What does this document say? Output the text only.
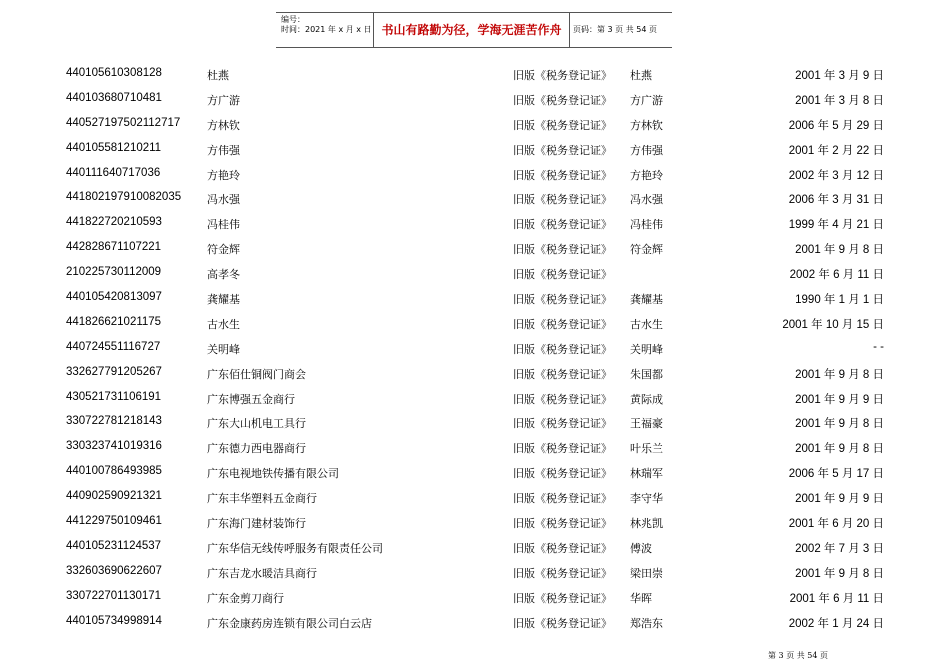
编号：
时间：2021 年 x 月 x 日 书山有路勤为径，学海无涯苦作舟	页码：第 3 页 共 54 页
440105610308128	杜燕	旧版《税务登记证》 杜燕	2001 年 3 月 9 日
440103680710481	方广游	旧版《税务登记证》 方广游	2001 年 3 月 8 日
440527197502112717 方林钦	旧版《税务登记证》 方林钦	2006 年 5 月 29 日
440105581210211	方伟强	旧版《税务登记证》 方伟强	2001 年 2 月 22 日
440111640717036	方艳玲	旧版《税务登记证》 方艳玲	2002 年 3 月 12 日
441802197910082035 冯水强	旧版《税务登记证》 冯水强	2006 年 3 月 31 日
441822720210593	冯桂伟	旧版《税务登记证》 冯桂伟	1999 年 4 月 21 日
442828671107221	符金辉	旧版《税务登记证》 符金辉	2001 年 9 月 8 日
210225730112009	高孝冬	旧版《税务登记证》	2002 年 6 月 11 日
440105420813097	龚耀基	旧版《税务登记证》 龚耀基	1990 年 1 月 1 日
441826621021175	古水生	旧版《税务登记证》 古水生	2001 年 10 月 15 日
440724551116727	关明峰	旧版《税务登记证》 关明峰	- -
332627791205267	广东佰仕铜阀门商会	旧版《税务登记证》 朱国都	2001 年 9 月 8 日
430521731106191	广东博强五金商行	旧版《税务登记证》 黄际成	2001 年 9 月 9 日
330722781218143	广东大山机电工具行	旧版《税务登记证》 王福豪	2001 年 9 月 8 日
330323741019316	广东德力西电器商行	旧版《税务登记证》 叶乐兰	2001 年 9 月 8 日
440100786493985	广东电视地铁传播有限公司	旧版《税务登记证》 林瑞军	2006 年 5 月 17 日
440902590921321	广东丰华塑料五金商行	旧版《税务登记证》 李守华	2001 年 9 月 9 日
441229750109461	广东海门建材装饰行	旧版《税务登记证》 林兆凯	2001 年 6 月 20 日
440105231124537	广东华信无线传呼服务有限责任公司	旧版《税务登记证》 傅波	2002 年 7 月 3 日
332603690622607	广东吉龙水暖洁具商行	旧版《税务登记证》 梁田崇	2001 年 9 月 8 日
330722701130171	广东金剪刀商行	旧版《税务登记证》 华晖	2001 年 6 月 11 日
440105734998914	广东金康药房连锁有限公司白云店	旧版《税务登记证》 郑浩东	2002 年 1 月 24 日
第 3 页 共 54 页
